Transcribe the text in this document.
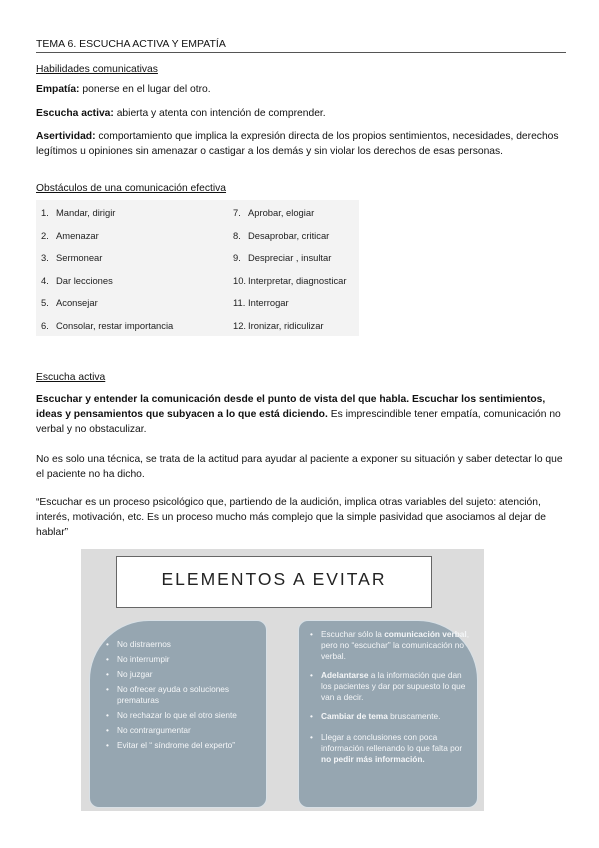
TEMA 6. ESCUCHA ACTIVA Y EMPATÍA
Habilidades comunicativas
Empatía: ponerse en el lugar del otro.
Escucha activa: abierta y atenta con intención de comprender.
Asertividad: comportamiento que implica la expresión directa de los propios sentimientos, necesidades, derechos legítimos u opiniones sin amenazar o castigar a los demás y sin violar los derechos de esas personas.
Obstáculos de una comunicación efectiva
1. Mandar, dirigir
2. Amenazar
3. Sermonear
4. Dar lecciones
5. Aconsejar
6. Consolar, restar importancia
7. Aprobar, elogiar
8. Desaprobar, criticar
9. Despreciar , insultar
10. Interpretar, diagnosticar
11. Interrogar
12. Ironizar, ridiculizar
Escucha activa
Escuchar y entender la comunicación desde el punto de vista del que habla. Escuchar los sentimientos, ideas y pensamientos que subyacen a lo que está diciendo. Es imprescindible tener empatía, comunicación no verbal y no obstaculizar.
No es solo una técnica, se trata de la actitud para ayudar al paciente a exponer su situación y saber detectar lo que el paciente no ha dicho.
“Escuchar es un proceso psicológico que, partiendo de la audición, implica otras variables del sujeto: atención, interés, motivación, etc. Es un proceso mucho más complejo que la simple pasividad que asociamos al dejar de hablar”
ELEMENTOS A EVITAR
• No distraernos
• No interrumpir
• No juzgar
• No ofrecer ayuda o soluciones prematuras
• No rechazar lo que el otro siente
• No contrargumentar
• Evitar el “ síndrome del experto”
• Escuchar sólo la comunicación verbal, pero no “escuchar” la comunicación no verbal.
• Adelantarse a la información que dan los pacientes y dar por supuesto lo que van a decir.
• Cambiar de tema bruscamente.
• Llegar a conclusiones con poca información rellenando lo que falta por no pedir más información.
